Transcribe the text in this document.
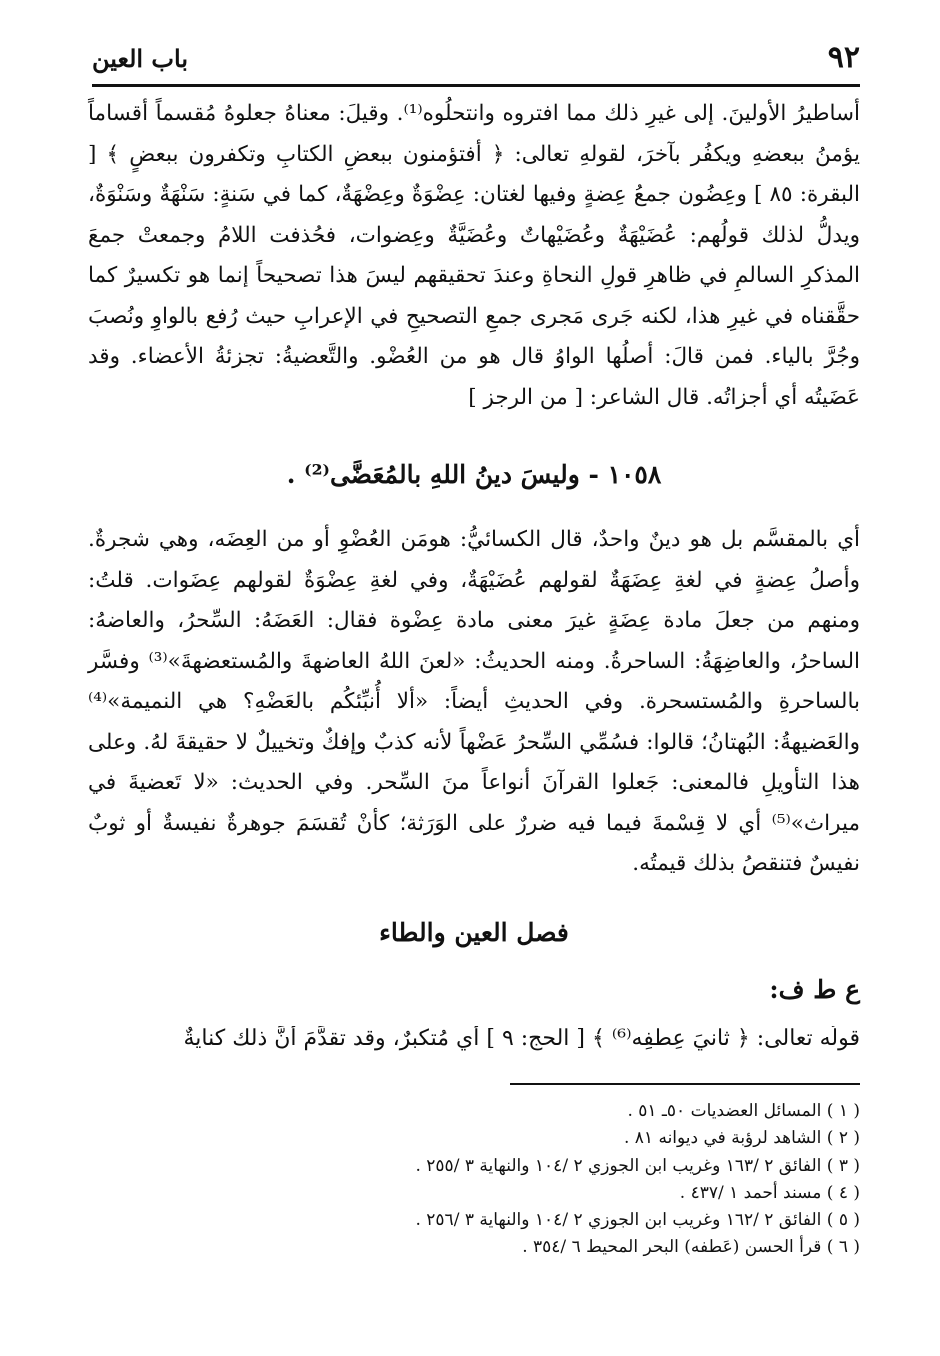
٩٢
باب العين

أساطيرُ الأولينَ. إلى غيرِ ذلك مما افتروه وانتحلُوه⁽¹⁾. وقيلَ: معناهُ جعلوهُ مُقسماً أقساماً يؤمنُ ببعضهِ ويكفُر بآخرَ، لقولهِ تعالى: ﴿ أفتؤمنون ببعضِ الكتابِ وتكفرون ببعضٍ ﴾ [ البقرة: ٨٥ ] وعِضُون جمعُ عِضةٍ وفيها لغتان: عِضْوَةٌ وعِضْهَةٌ، كما في سَنةٍ: سَنْهَةٌ وسَنْوَةٌ، ويدلُّ لذلك قولُهم: عُضَيْهَةٌ وعُضَيْهاتٌ وعُضَيَّةٌ وعِضوات، فحُذفت اللامُ وجمعتْ جمعَ المذكرِ السالمِ في ظاهرِ قولِ النحاةِ وعندَ تحقيقهم ليسَ هذا تصحيحاً إنما هو تكسيرٌ كما حقَّقناه في غيرِ هذا، لكنه جَرى مَجرى جمعِ التصحيحِ في الإعرابِ حيث رُفع بالواوِ ونُصبَ وجُرَّ بالياء. فمن قالَ: أصلُها الواوُ قال هو من العُضْو. والتَّعضيةُ: تجزئةُ الأعضاء. وقد عَضَيتُه أي أجزاتُه. قال الشاعر: [ من الرجز ]

١٠٥٨ - وليسَ دينُ اللهِ بالمُعَضَّى⁽²⁾ .

أي بالمقسَّم بل هو دينٌ واحدٌ، قال الكسائيُّ: هومَن العُضْوِ أو من العِضَه، وهي شجرةٌ. وأصلُ عِضةٍ في لغةِ عِضَهَةٌ لقولهم عُضَيْهَةٌ، وفي لغةِ عِضْوَةٌ لقولهم عِضَوات. قلتُ: ومنهم من جعلَ مادة عِضَةٍ غيرَ معنى مادة عِضْوة فقال: العَضَهُ: السِّحرُ، والعاضهُ: الساحرُ، والعاضِهَةُ: الساحرةُ. ومنه الحديثُ: «لعنَ اللهُ العاضهةَ والمُستعضهةَ»⁽³⁾ وفسَّر بالساحرةِ والمُستسحرة. وفي الحديثِ أيضاً: «ألا أُنبِّئكُم بالعَضْهِ؟ هي النميمة»⁽⁴⁾ والعَضيهةُ: البُهتانُ؛ قالوا: فسُمِّي السِّحرُ عَضْهاً لأنه كذبٌ وإفكٌ وتخييلٌ لا حقيقةَ لهُ. وعلى هذا التأويلِ فالمعنى: جَعلوا القرآنَ أنواعاً منَ السِّحر. وفي الحديث: «لا تَعضيةَ في ميراث»⁽⁵⁾ أي لا قِسْمةَ فيما فيه ضررٌ على الوَرَثة؛ كأنْ تُقسَمَ جوهرةٌ نفيسةٌ أو ثوبٌ نفيسٌ فتنقصُ بذلك قيمتُه.

فصل العين والطاء
ع ط ف:
قولُه تعالى: ﴿ ثانيَ عِطفِه⁽⁶⁾ ﴾ [ الحج: ٩ ] أي مُتكبرٌ، وقد تقدَّمَ أنَّ ذلك كنايةٌ
( ١ ) المسائل العضديات ٥٠ـ ٥١ .
( ٢ ) الشاهد لرؤبة في ديوانه ٨١ .
( ٣ ) الفائق ٢ /١٦٣ وغريب ابن الجوزي ٢ /١٠٤ والنهاية ٣ /٢٥٥ .
( ٤ ) مسند أحمد ١ /٤٣٧ .
( ٥ ) الفائق ٢ /١٦٢ وغريب ابن الجوزي ٢ /١٠٤ والنهاية ٣ /٢٥٦ .
( ٦ ) قرأ الحسن (عَطفه) البحر المحيط ٦ /٣٥٤ .
